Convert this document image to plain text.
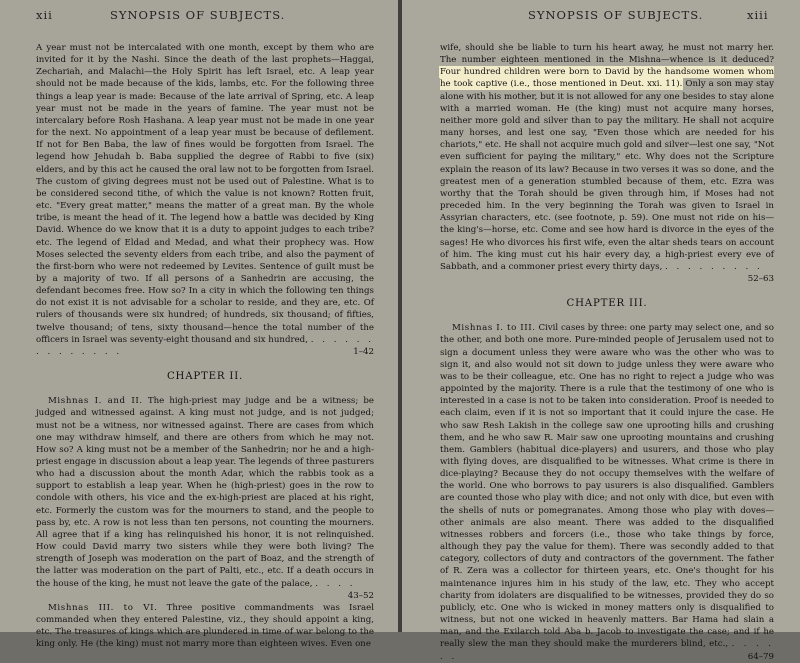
xii	SYNOPSIS OF SUBJECTS.

A year must not be intercalated with one month, except by them who are invited for it by the Nashi. Since the death of the last prophets—Haggai, Zechariah, and Malachi—the Holy Spirit has left Israel, etc. A leap year should not be made because of the kids, lambs, etc. For the following three things a leap year is made: Because of the late arrival of Spring, etc. A leap year must not be made in the years of famine. The year must not be intercalary before Rosh Hashana. A leap year must not be made in one year for the next. No appointment of a leap year must be because of defilement. If not for Ben Baba, the law of fines would be forgotten from Israel. The legend how Jehudah b. Baba supplied the degree of Rabbi to five (six) elders, and by this act he caused the oral law not to be forgotten from Israel. The custom of giving degrees must not be used out of Palestine. What is to be considered second tithe, of which the value is not known? Rotten fruit, etc. "Every great matter," means the matter of a great man. By the whole tribe, is meant the head of it. The legend how a battle was decided by King David. Whence do we know that it is a duty to appoint judges to each tribe? etc. The legend of Eldad and Medad, and what their prophecy was. How Moses selected the seventy elders from each tribe, and also the payment of the first-born who were not redeemed by Levites. Sentence of guilt must be by a majority of two. If all persons of a Sanhedrin are accusing, the defendant becomes free. How so? In a city in which the following ten things do not exist it is not advisable for a scholar to reside, and they are, etc. Of rulers of thousands were six hundred; of hundreds, six thousand; of fifties, twelve thousand; of tens, sixty thousand—hence the total number of the officers in Israel was seventy-eight thousand and six hundred, . . . . . . . . . . . . . .	1–42

CHAPTER II.

Mishnas I. and II. The high-priest may judge and be a witness; be judged and witnessed against. A king must not judge, and is not judged; must not be a witness, nor witnessed against. There are cases from which one may withdraw himself, and there are others from which he may not. How so? A king must not be a member of the Sanhedrin; nor he and a high-priest engage in discussion about a leap year. The legends of three pasturers who had a discussion about the month Adar, which the rabbis took as a support to establish a leap year. When he (high-priest) goes in the row to condole with others, his vice and the ex-high-priest are placed at his right, etc. Formerly the custom was for the mourners to stand, and the people to pass by, etc. A row is not less than ten persons, not counting the mourners. All agree that if a king has relinquished his honor, it is not relinquished. How could David marry two sisters while they were both living? The strength of Joseph was moderation on the part of Boaz, and the strength of the latter was moderation on the part of Palti, etc., etc. If a death occurs in the house of the king, he must not leave the gate of the palace, . . . .
43–52

Mishnas III. to VI. Three positive commandments was Israel commanded when they entered Palestine, viz., they should appoint a king, etc. The treasures of kings which are plundered in time of war belong to the king only. He (the king) must not marry more than eighteen wives. Even one

SYNOPSIS OF SUBJECTS.	xiii

wife, should she be liable to turn his heart away, he must not marry her. The number eighteen mentioned in the Mishna—whence is it deduced? Four hundred children were born to David by the handsome women whom he took captive (i.e., those mentioned in Deut. xxi. 11). Only a son may stay alone with his mother, but it is not allowed for any one besides to stay alone with a married woman. He (the king) must not acquire many horses, neither more gold and silver than to pay the military. He shall not acquire many horses, and lest one say, "Even those which are needed for his chariots," etc. He shall not acquire much gold and silver—lest one say, "Not even sufficient for paying the military," etc. Why does not the Scripture explain the reason of its law? Because in two verses it was so done, and the greatest men of a generation stumbled because of them, etc. Ezra was worthy that the Torah should be given through him, if Moses had not preceded him. In the very beginning the Torah was given to Israel in Assyrian characters, etc. (see footnote, p. 59). One must not ride on his—the king's—horse, etc. Come and see how hard is divorce in the eyes of the sages! He who divorces his first wife, even the altar sheds tears on account of him. The king must cut his hair every day, a high-priest every eve of Sabbath, and a commoner priest every thirty days, . . . . . . . . .
52–63

CHAPTER III.

Mishnas I. to III. Civil cases by three: one party may select one, and so the other, and both one more. Pure-minded people of Jerusalem used not to sign a document unless they were aware who was the other who was to sign it, and also would not sit down to judge unless they were aware who was to be their colleague, etc. One has no right to reject a judge who was appointed by the majority. There is a rule that the testimony of one who is interested in a case is not to be taken into consideration. Proof is needed to each claim, even if it is not so important that it could injure the case. He who saw Resh Lakish in the college saw one uprooting hills and crushing them, and he who saw R. Mair saw one uprooting mountains and crushing them. Gamblers (habitual dice-players) and usurers, and those who play with flying doves, are disqualified to be witnesses. What crime is there in dice-playing? Because they do not occupy themselves with the welfare of the world. One who borrows to pay usurers is also disqualified. Gamblers are counted those who play with dice; and not only with dice, but even with the shells of nuts or pomegranates. Among those who play with doves—other animals are also meant. There was added to the disqualified witnesses robbers and forcers (i.e., those who take things by force, although they pay the value for them). There was secondly added to that category, collectors of duty and contractors of the government. The father of R. Zera was a collector for thirteen years, etc. One's thought for his maintenance injures him in his study of the law, etc. They who accept charity from idolaters are disqualified to be witnesses, provided they do so publicly, etc. One who is wicked in money matters only is disqualified to witness, but not one wicked in heavenly matters. Bar Hama had slain a man, and the Exilarch told Aba b. Jacob to investigate the case; and if he really slew the man they should make the murderers blind, etc., . . . . . .	64–79
